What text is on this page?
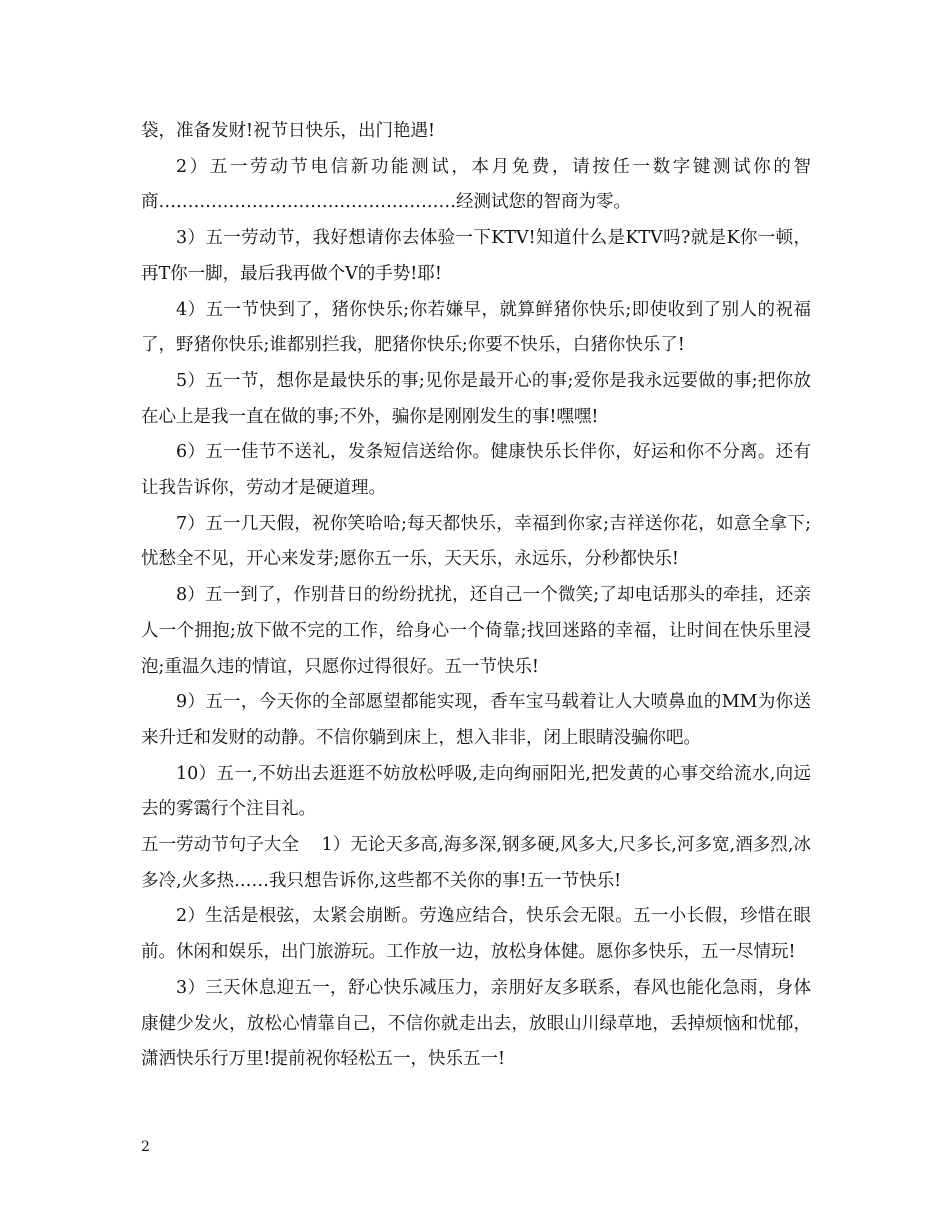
袋，准备发财!祝节日快乐，出门艳遇!

2）五一劳动节电信新功能测试，本月免费，请按任一数字键测试你的智商……………………………………………经测试您的智商为零。

3）五一劳动节，我好想请你去体验一下KTV!知道什么是KTV吗?就是K你一顿，再T你一脚，最后我再做个V的手势!耶!

4）五一节快到了，猪你快乐;你若嫌早，就算鲜猪你快乐;即使收到了别人的祝福了，野猪你快乐;谁都别拦我，肥猪你快乐;你要不快乐，白猪你快乐了!

5）五一节，想你是最快乐的事;见你是最开心的事;爱你是我永远要做的事;把你放在心上是我一直在做的事;不外，骗你是刚刚发生的事!嘿嘿!

6）五一佳节不送礼，发条短信送给你。健康快乐长伴你，好运和你不分离。还有让我告诉你，劳动才是硬道理。

7）五一几天假，祝你笑哈哈;每天都快乐，幸福到你家;吉祥送你花，如意全拿下;忧愁全不见，开心来发芽;愿你五一乐，天天乐，永远乐，分秒都快乐!

8）五一到了，作别昔日的纷纷扰扰，还自己一个微笑;了却电话那头的牵挂，还亲人一个拥抱;放下做不完的工作，给身心一个倚靠;找回迷路的幸福，让时间在快乐里浸泡;重温久违的情谊，只愿你过得很好。五一节快乐!

9）五一，今天你的全部愿望都能实现，香车宝马载着让人大喷鼻血的MM为你送来升迁和发财的动静。不信你躺到床上，想入非非，闭上眼睛没骗你吧。

10）五一,不妨出去逛逛不妨放松呼吸,走向绚丽阳光,把发黄的心事交给流水,向远去的雾霭行个注目礼。

五一劳动节句子大全    1）无论天多高,海多深,钢多硬,风多大,尺多长,河多宽,酒多烈,冰多冷,火多热……我只想告诉你,这些都不关你的事!五一节快乐!

2）生活是根弦，太紧会崩断。劳逸应结合，快乐会无限。五一小长假，珍惜在眼前。休闲和娱乐，出门旅游玩。工作放一边，放松身体健。愿你多快乐，五一尽情玩!

3）三天休息迎五一，舒心快乐减压力，亲朋好友多联系，春风也能化急雨，身体康健少发火，放松心情靠自己，不信你就走出去，放眼山川绿草地，丢掉烦恼和忧郁，潇洒快乐行万里!提前祝你轻松五一，快乐五一!

2
